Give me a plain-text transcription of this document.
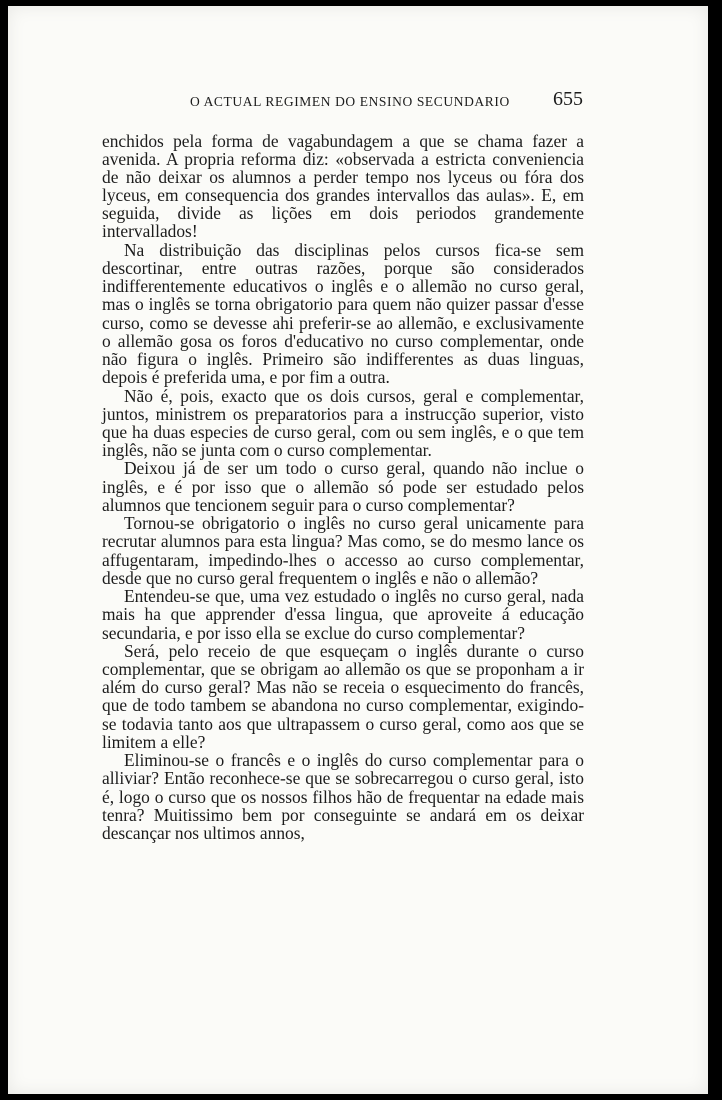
O ACTUAL REGIMEN DO ENSINO SECUNDARIO	655

enchidos pela forma de vagabundagem a que se chama fazer a avenida. A propria reforma diz: «observada a estricta conveniencia de não deixar os alumnos a perder tempo nos lyceus ou fóra dos lyceus, em consequencia dos grandes intervallos das aulas». E, em seguida, divide as lições em dois periodos grandemente intervallados!

Na distribuição das disciplinas pelos cursos fica-se sem descortinar, entre outras razões, porque são considerados indifferentemente educativos o inglês e o allemão no curso geral, mas o inglês se torna obrigatorio para quem não quizer passar d'esse curso, como se devesse ahi preferir-se ao allemão, e exclusivamente o allemão gosa os foros d'educativo no curso complementar, onde não figura o inglês. Primeiro são indifferentes as duas linguas, depois é preferida uma, e por fim a outra.

Não é, pois, exacto que os dois cursos, geral e complementar, juntos, ministrem os preparatorios para a instrucção superior, visto que ha duas especies de curso geral, com ou sem inglês, e o que tem inglês, não se junta com o curso complementar.

Deixou já de ser um todo o curso geral, quando não inclue o inglês, e é por isso que o allemão só pode ser estudado pelos alumnos que tencionem seguir para o curso complementar?

Tornou-se obrigatorio o inglês no curso geral unicamente para recrutar alumnos para esta lingua? Mas como, se do mesmo lance os affugentaram, impedindo-lhes o accesso ao curso complementar, desde que no curso geral frequentem o inglês e não o allemão?

Entendeu-se que, uma vez estudado o inglês no curso geral, nada mais ha que apprender d'essa lingua, que aproveite á educação secundaria, e por isso ella se exclue do curso complementar?

Será, pelo receio de que esqueçam o inglês durante o curso complementar, que se obrigam ao allemão os que se proponham a ir além do curso geral? Mas não se receia o esquecimento do francês, que de todo tambem se abandona no curso complementar, exigindo-se todavia tanto aos que ultrapassem o curso geral, como aos que se limitem a elle?

Eliminou-se o francês e o inglês do curso complementar para o alliviar? Então reconhece-se que se sobrecarregou o curso geral, isto é, logo o curso que os nossos filhos hão de frequentar na edade mais tenra? Muitissimo bem por conseguinte se andará em os deixar descançar nos ultimos annos,
